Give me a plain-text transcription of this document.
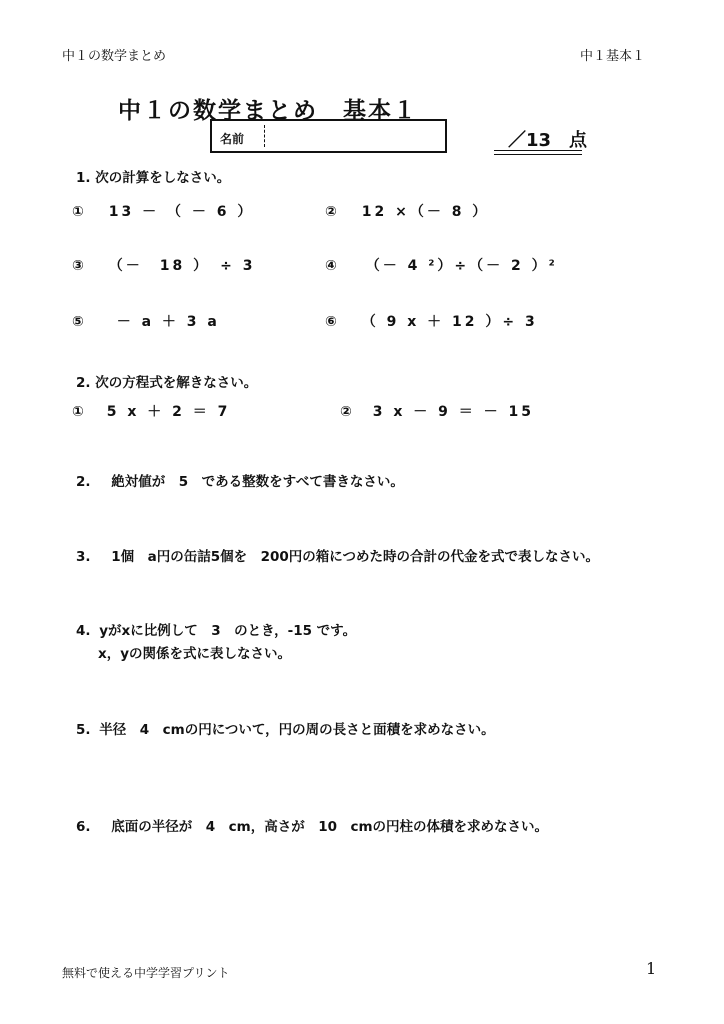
中１の数学まとめ	中１基本１
中１の数学まとめ　基本１
名前	／13　点
1. 次の計算をしなさい。
① 13 － （ － 6 ）	② 12 ×（－ 8 ）
③ （－　18 ）　÷ 3	④ （－ 4 ²）÷（－ 2 ）²
⑤ － a ＋ 3 a	⑥ （ 9 x ＋ 12 ）÷ 3
2. 次の方程式を解きなさい。
① 5 x ＋ 2 ＝ 7	② 3 x － 9 ＝ － 15
2. 絶対値が　5　である整数をすべて書きなさい。
3. 1個　a円の缶詰5個を　200円の箱につめた時の合計の代金を式で表しなさい。
4. yがxに比例して　3　のとき，-15 です。
x，yの関係を式に表しなさい。
5. 半径　4　cmの円について，円の周の長さと面積を求めなさい。
6. 底面の半径が　4　cm，高さが　10　cmの円柱の体積を求めなさい。
無料で使える中学学習プリント	1
